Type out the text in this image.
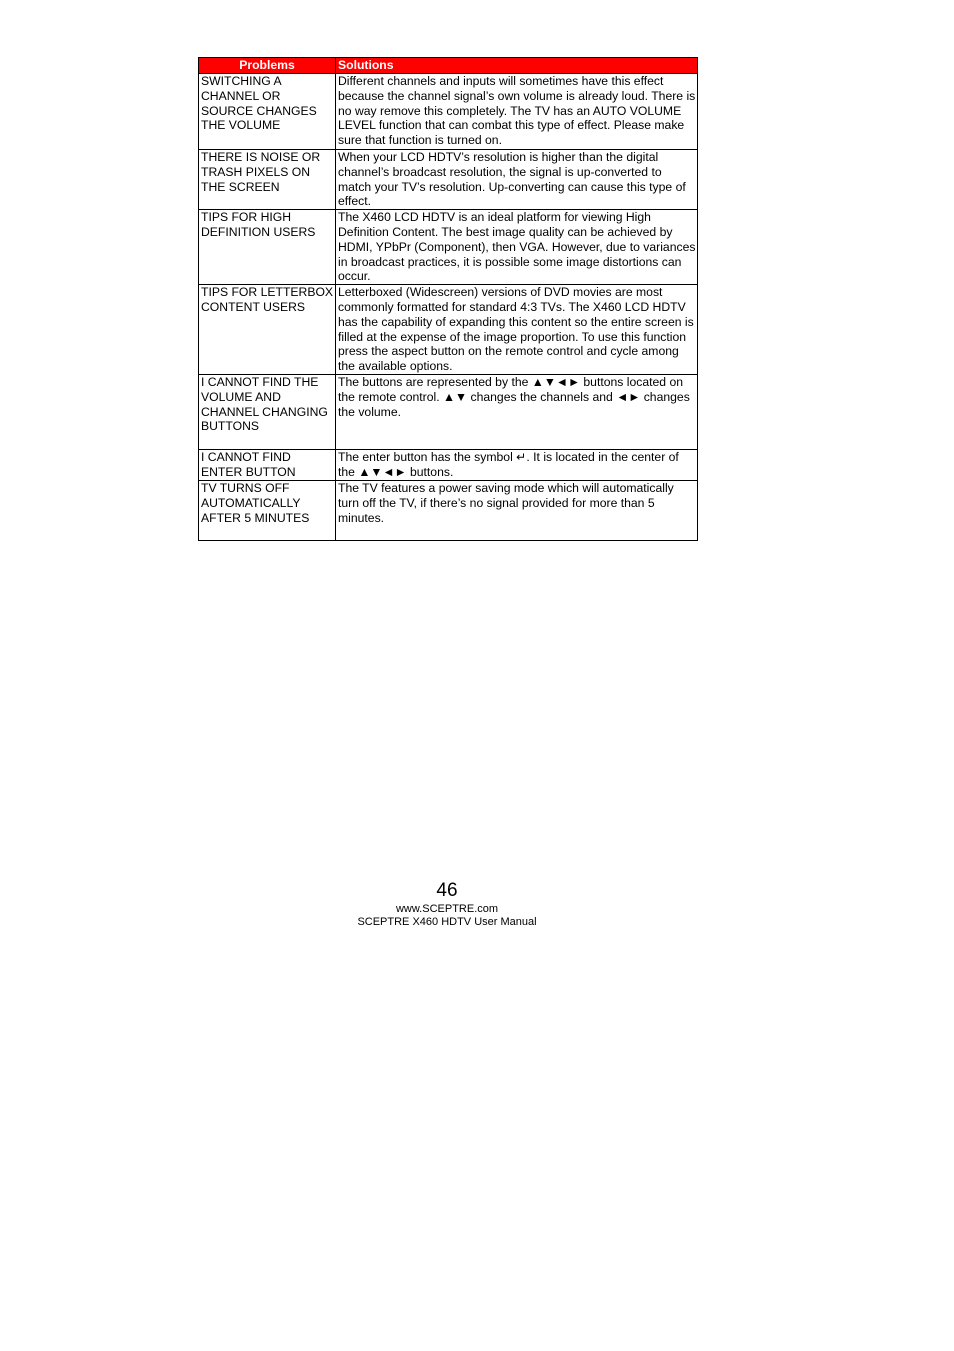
Problems	Solutions
SWITCHING A CHANNEL OR SOURCE CHANGES THE VOLUME	Different channels and inputs will sometimes have this effect because the channel signal’s own volume is already loud. There is no way remove this completely. The TV has an AUTO VOLUME LEVEL function that can combat this type of effect. Please make sure that function is turned on.
THERE IS NOISE OR TRASH PIXELS ON THE SCREEN	When your LCD HDTV’s resolution is higher than the digital channel’s broadcast resolution, the signal is up-converted to match your TV’s resolution. Up-converting can cause this type of effect.
TIPS FOR HIGH DEFINITION USERS	The X460 LCD HDTV is an ideal platform for viewing High Definition Content. The best image quality can be achieved by HDMI, YPbPr (Component), then VGA. However, due to variances in broadcast practices, it is possible some image distortions can occur.
TIPS FOR LETTERBOX CONTENT USERS	Letterboxed (Widescreen) versions of DVD movies are most commonly formatted for standard 4:3 TVs. The X460 LCD HDTV has the capability of expanding this content so the entire screen is filled at the expense of the image proportion. To use this function press the aspect button on the remote control and cycle among the available options.
I CANNOT FIND THE VOLUME AND CHANNEL CHANGING BUTTONS	The buttons are represented by the ▲▼◄► buttons located on the remote control. ▲▼ changes the channels and ◄► changes the volume.
I CANNOT FIND ENTER BUTTON	The enter button has the symbol ↵. It is located in the center of the ▲▼◄► buttons.
TV TURNS OFF AUTOMATICALLY AFTER 5 MINUTES	The TV features a power saving mode which will automatically turn off the TV, if there’s no signal provided for more than 5 minutes.
46
www.SCEPTRE.com
SCEPTRE X460 HDTV User Manual
